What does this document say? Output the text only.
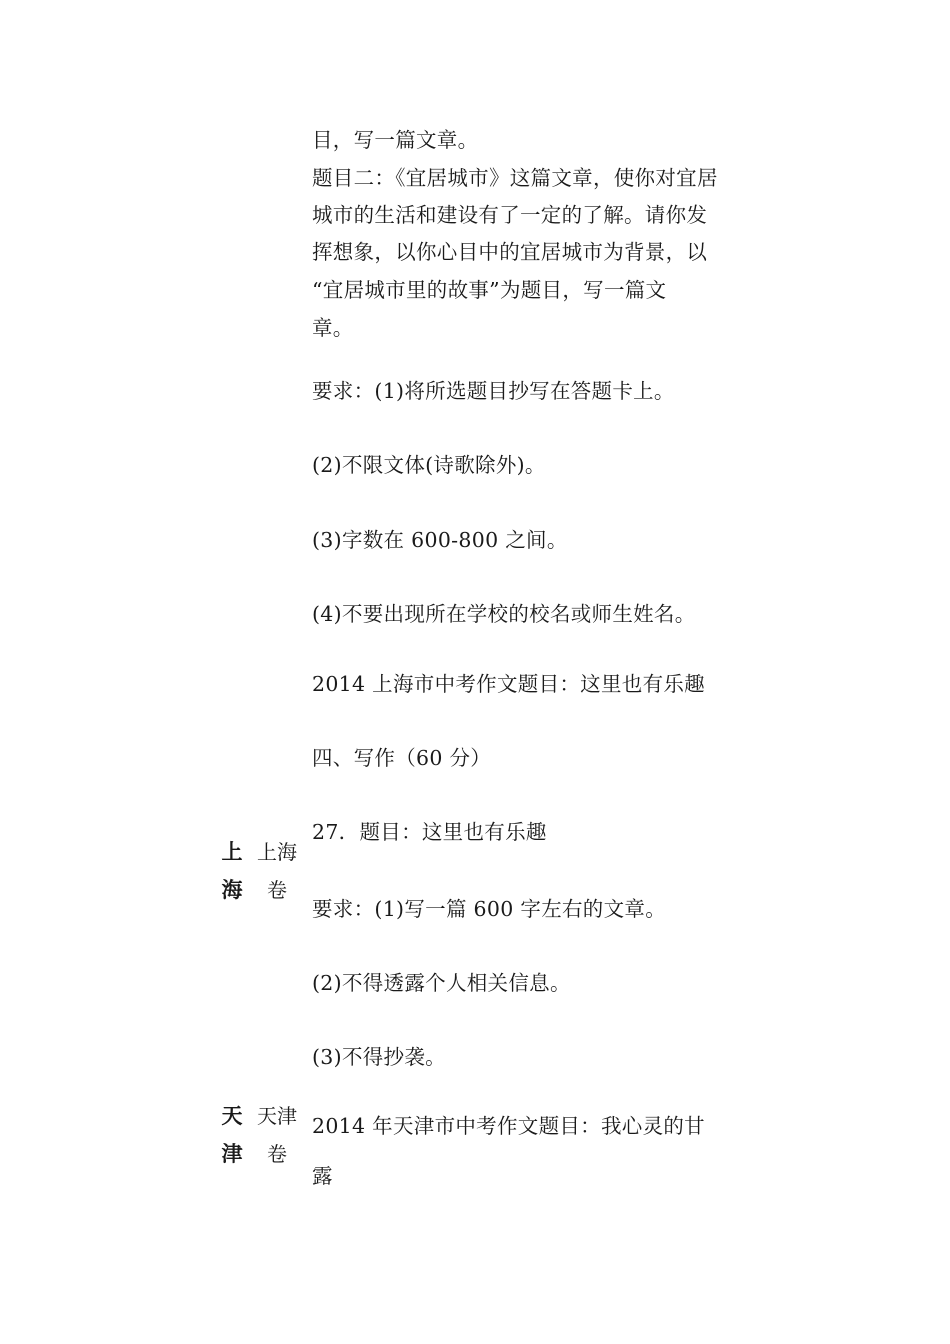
目，写一篇文章。
题目二：《宜居城市》这篇文章，使你对宜居
城市的生活和建设有了一定的了解。请你发
挥想象，以你心目中的宜居城市为背景，以
“宜居城市里的故事”为题目，写一篇文
章。
要求：(1)将所选题目抄写在答题卡上。
(2)不限文体(诗歌除外)。
(3)字数在 600-800 之间。
(4)不要出现所在学校的校名或师生姓名。
2014 上海市中考作文题目：这里也有乐趣
四、写作（60 分）
27．题目：这里也有乐趣
上
海
上海
卷
要求：(1)写一篇 600 字左右的文章。
(2)不得透露个人相关信息。
(3)不得抄袭。
天
津
天津
卷
2014 年天津市中考作文题目：我心灵的甘
露
